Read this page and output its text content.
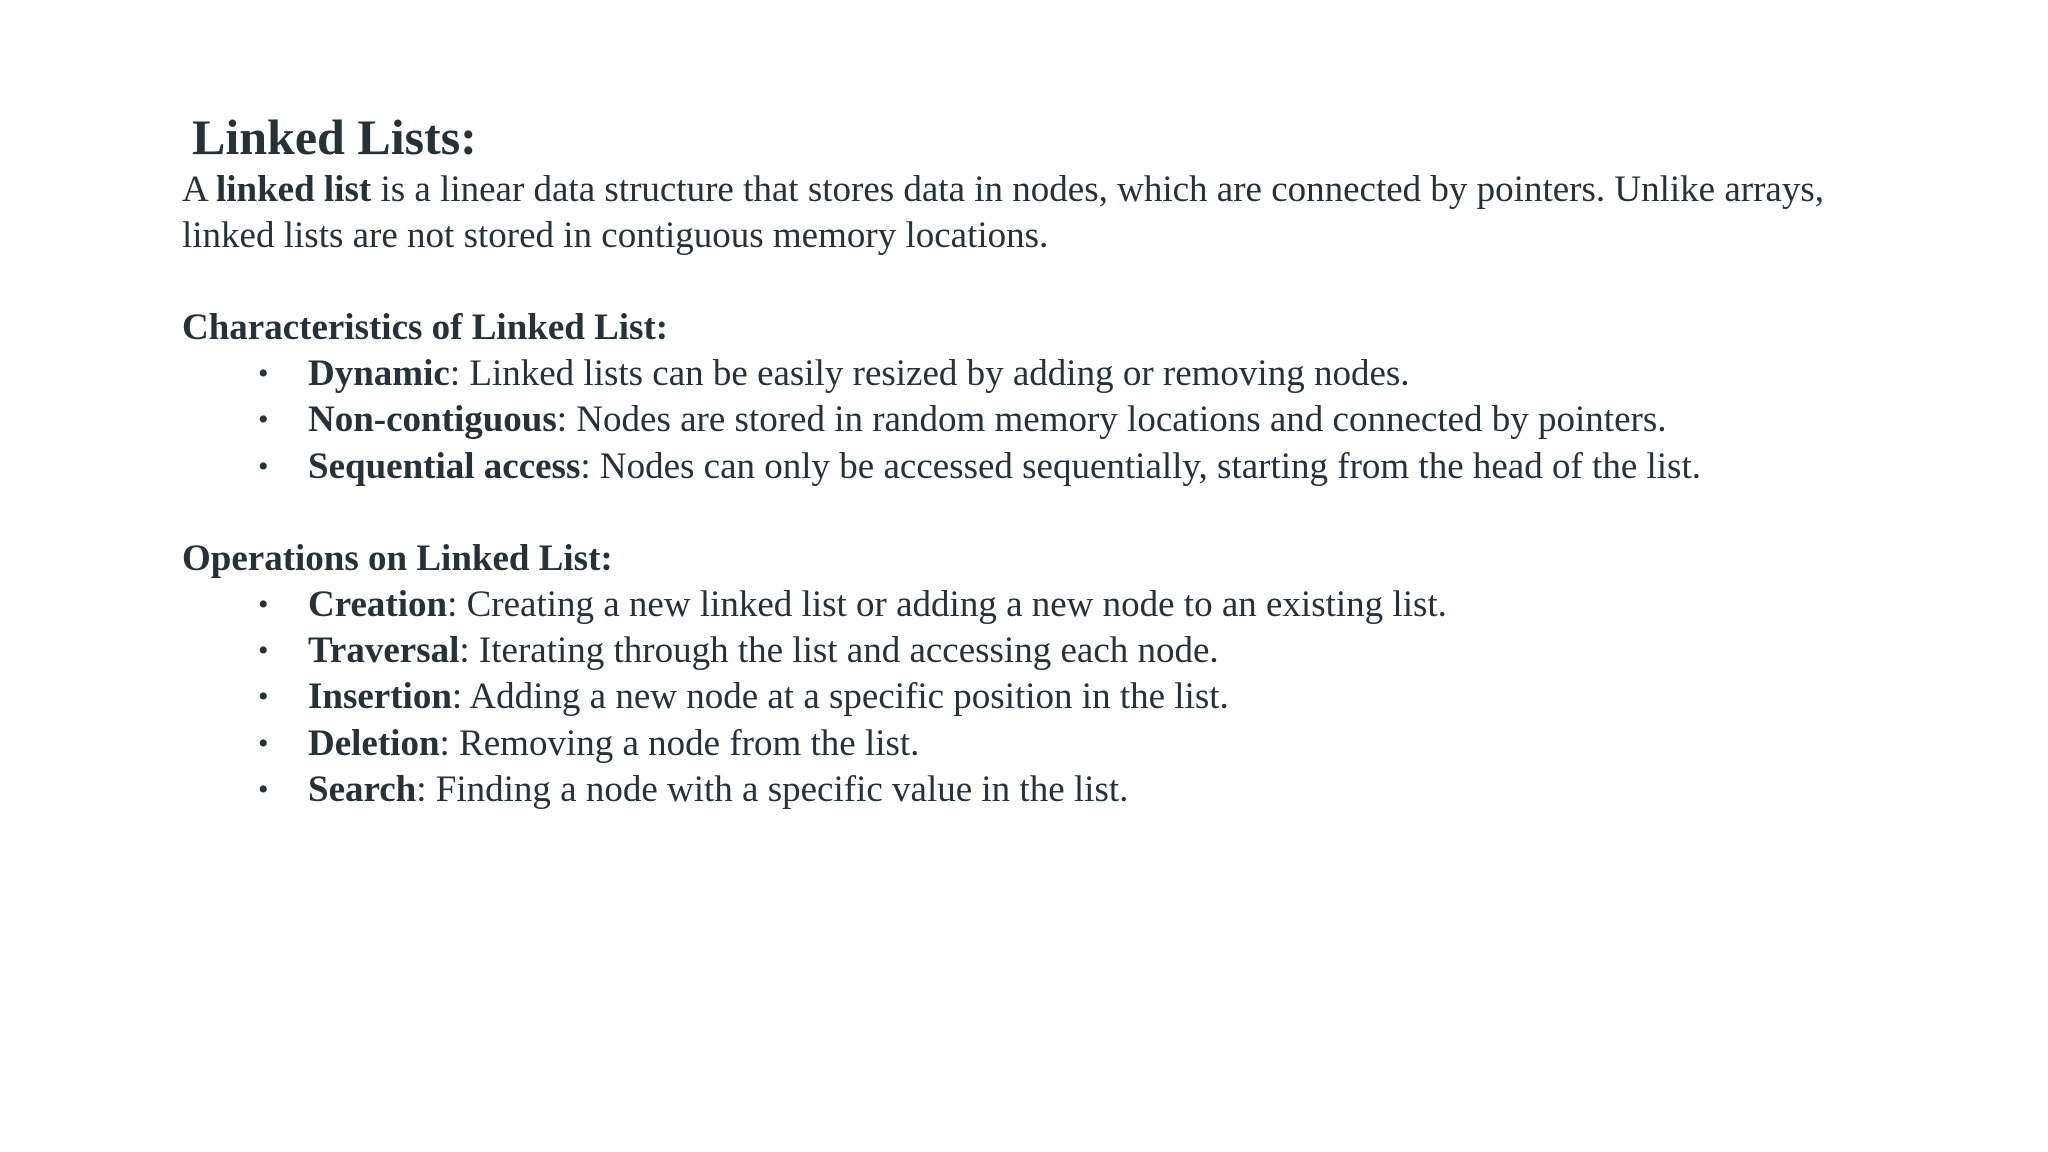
Linked Lists:

A linked list is a linear data structure that stores data in nodes, which are connected by pointers. Unlike arrays, linked lists are not stored in contiguous memory locations.

Characteristics of Linked List:
• Dynamic: Linked lists can be easily resized by adding or removing nodes.
• Non-contiguous: Nodes are stored in random memory locations and connected by pointers.
• Sequential access: Nodes can only be accessed sequentially, starting from the head of the list.
Operations on Linked List:
• Creation: Creating a new linked list or adding a new node to an existing list.
• Traversal: Iterating through the list and accessing each node.
• Insertion: Adding a new node at a specific position in the list.
• Deletion: Removing a node from the list.
• Search: Finding a node with a specific value in the list.
